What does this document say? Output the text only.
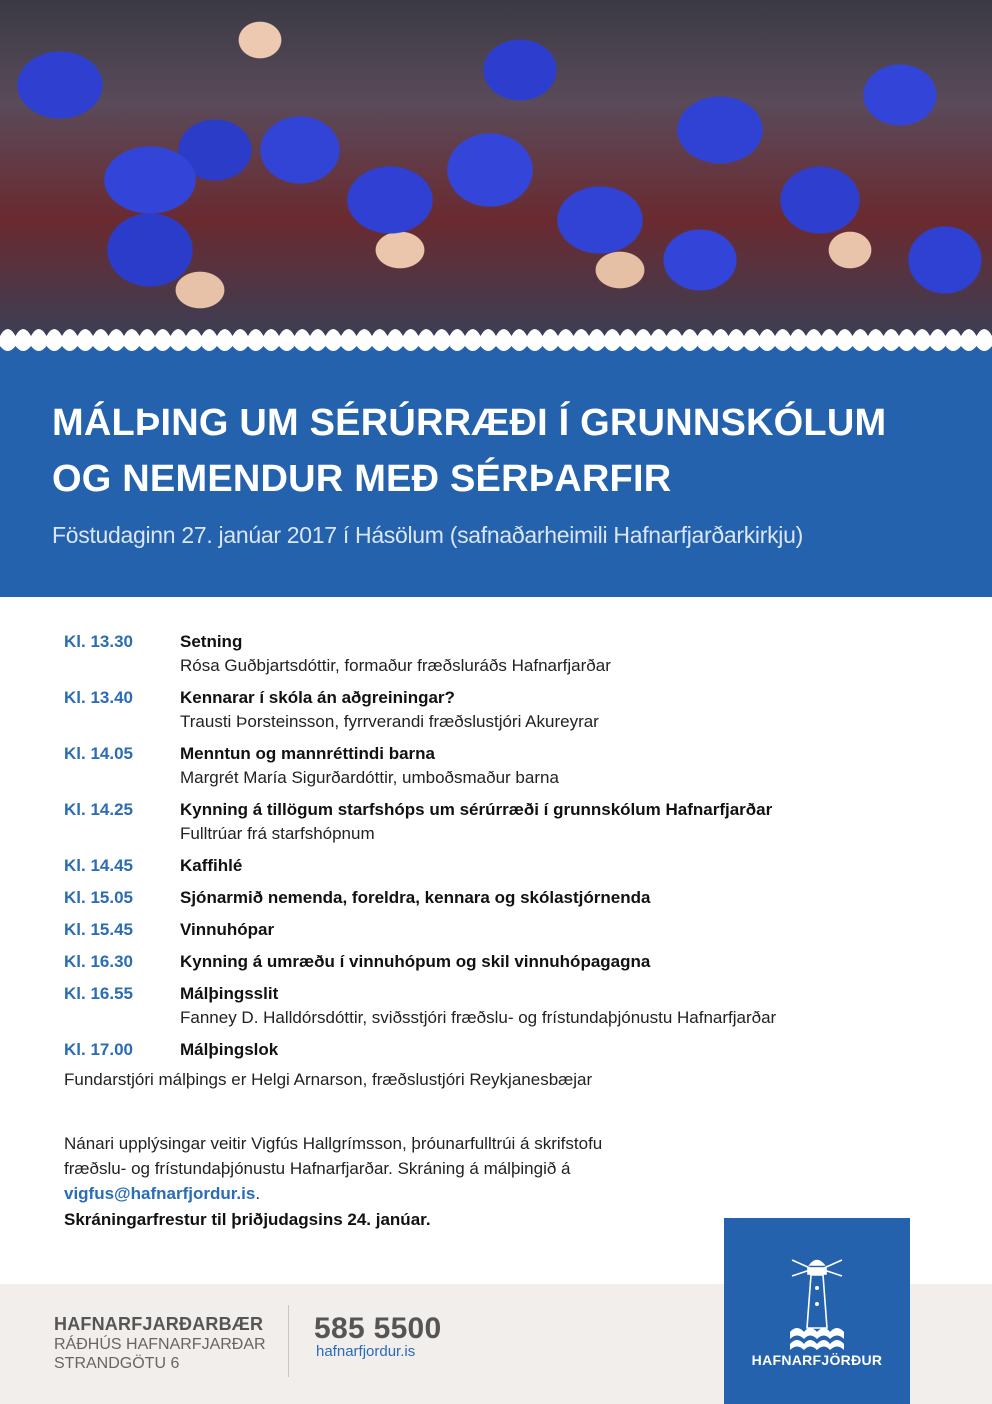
MÁLÞING UM SÉRÚRRÆÐI Í GRUNNSKÓLUM
OG NEMENDUR MEÐ SÉRÞARFIR
Föstudaginn 27. janúar 2017 í Hásölum (safnaðarheimili Hafnarfjarðarkirkju)
Kl. 13.30	Setning
Rósa Guðbjartsdóttir, formaður fræðsluráðs Hafnarfjarðar
Kl. 13.40	Kennarar í skóla án aðgreiningar?
Trausti Þorsteinsson, fyrrverandi fræðslustjóri Akureyrar
Kl. 14.05	Menntun og mannréttindi barna
Margrét María Sigurðardóttir, umboðsmaður barna
Kl. 14.25	Kynning á tillögum starfshóps um sérúrræði í grunnskólum Hafnarfjarðar
Fulltrúar frá starfshópnum
Kl. 14.45	Kaffihlé
Kl. 15.05	Sjónarmið nemenda, foreldra, kennara og skólastjórnenda
Kl. 15.45	Vinnuhópar
Kl. 16.30	Kynning á umræðu í vinnuhópum og skil vinnuhópagagna
Kl. 16.55	Málþingsslit
Fanney D. Halldórsdóttir, sviðsstjóri fræðslu- og frístundaþjónustu Hafnarfjarðar
Kl. 17.00	Málþingslok
Fundarstjóri málþings er Helgi Arnarson, fræðslustjóri Reykjanesbæjar
Nánari upplýsingar veitir Vigfús Hallgrímsson, þróunarfulltrúi á skrifstofu
fræðslu- og frístundaþjónustu Hafnarfjarðar. Skráning á málþingið á
vigfus@hafnarfjordur.is.
Skráningarfrestur til þriðjudagsins 24. janúar.
HAFNARFJARÐARBÆR
RÁÐHÚS HAFNARFJARÐAR
STRANDGÖTU 6
585 5500
hafnarfjordur.is	HAFNARFJÖRÐUR
